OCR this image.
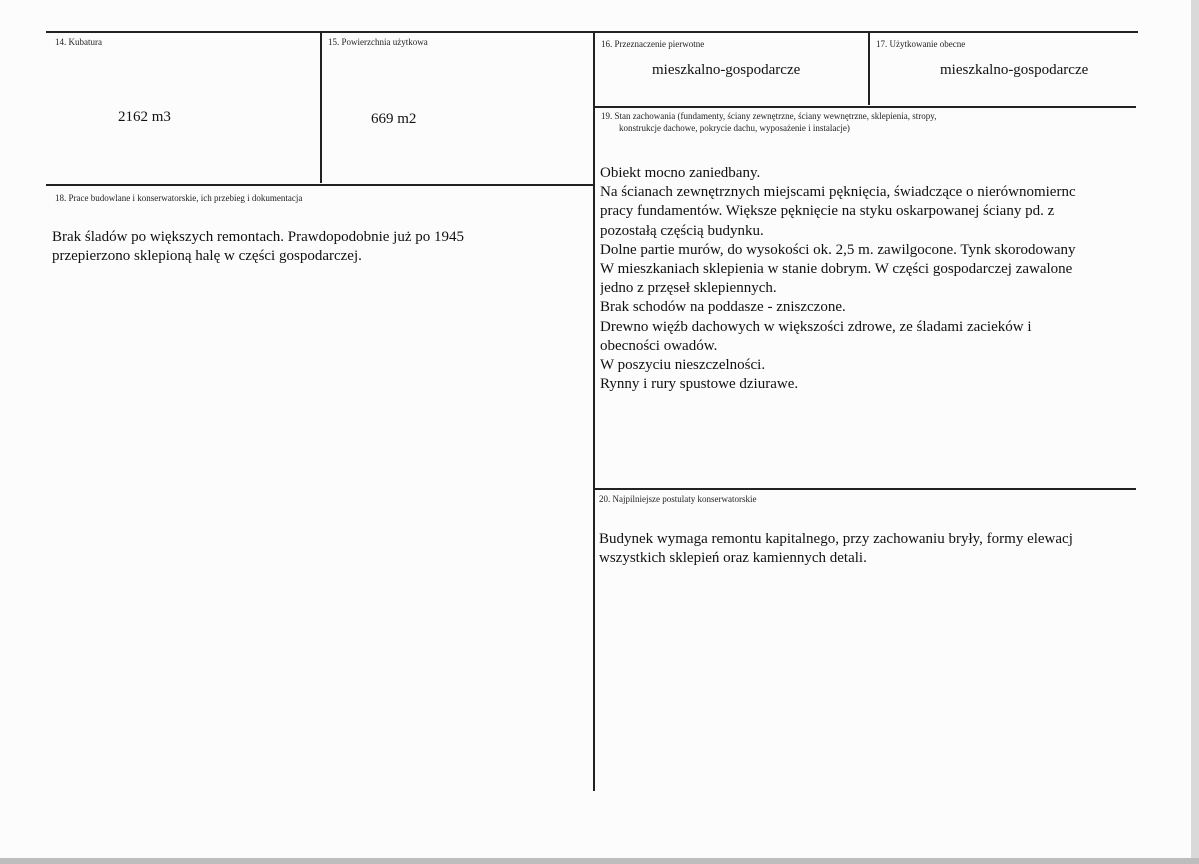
14. Kubatura
2162 m3
15. Powierzchnia użytkowa
669 m2
16. Przeznaczenie pierwotne
mieszkalno-gospodarcze
17. Użytkowanie obecne
mieszkalno-gospodarcze
19. Stan zachowania (fundamenty, ściany zewnętrzne, ściany wewnętrzne, sklepienia, stropy,
konstrukcje dachowe, pokrycie dachu, wyposażenie i instalacje)
Obiekt mocno zaniedbany.
Na ścianach zewnętrznych miejscami pęknięcia, świadczące o nierównomiernc
pracy fundamentów. Większe pęknięcie na styku oskarpowanej ściany pd. z
pozostałą częścią budynku.
Dolne partie murów, do wysokości ok. 2,5 m. zawilgocone. Tynk skorodowany
W mieszkaniach sklepienia w stanie dobrym. W części gospodarczej zawalone
jedno z przęseł sklepiennych.
Brak schodów na poddasze - zniszczone.
Drewno więźb dachowych w większości zdrowe, ze śladami zacieków i
obecności owadów.
W poszyciu nieszczelności.
Rynny i rury spustowe dziurawe.
18. Prace budowlane i konserwatorskie, ich przebieg i dokumentacja
Brak śladów po większych remontach. Prawdopodobnie już po 1945
przepierzono sklepioną halę w części gospodarczej.
20. Najpilniejsze postulaty konserwatorskie
Budynek wymaga remontu kapitalnego, przy zachowaniu bryły, formy elewacj
wszystkich sklepień oraz kamiennych detali.
